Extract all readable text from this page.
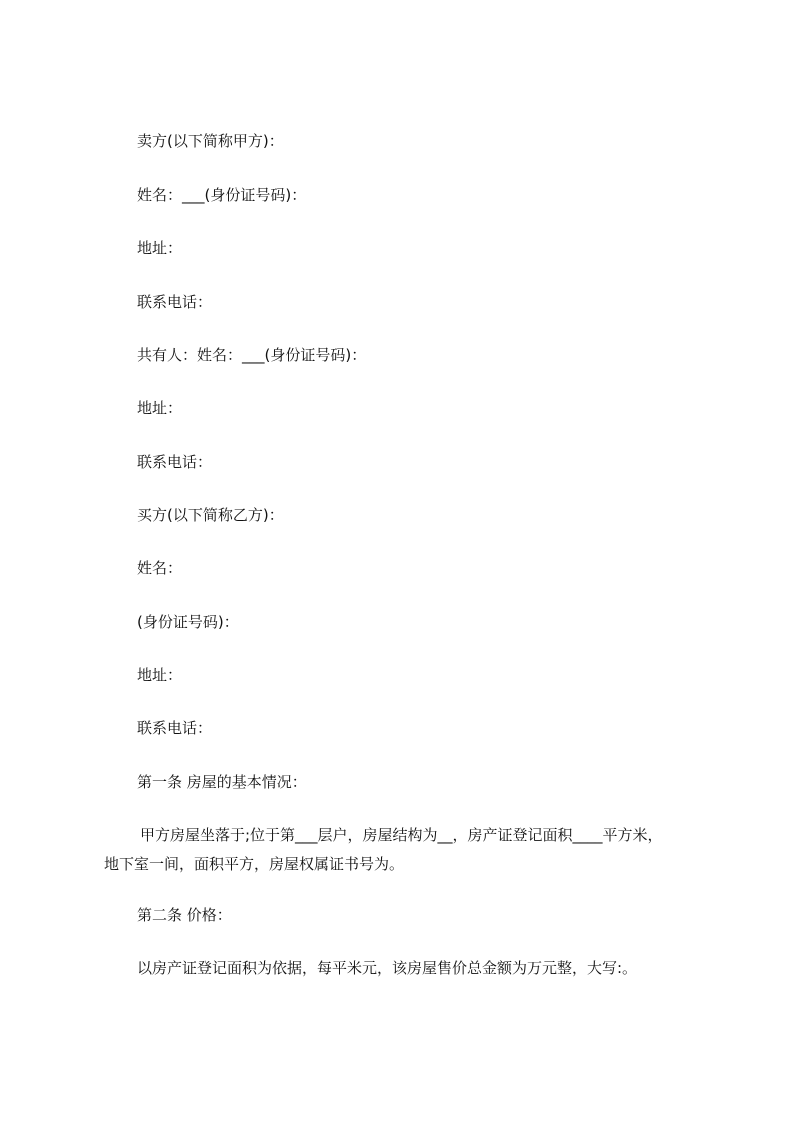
卖方(以下简称甲方)：
姓名：___(身份证号码)：
地址：
联系电话：
共有人：姓名：___(身份证号码)：
地址：
联系电话：
买方(以下简称乙方)：
姓名：
(身份证号码)：
地址：
联系电话：
第一条 房屋的基本情况：
甲方房屋坐落于;位于第___层户，房屋结构为__，房产证登记面积____平方米，
地下室一间，面积平方，房屋权属证书号为。
第二条 价格：
以房产证登记面积为依据，每平米元，该房屋售价总金额为万元整，大写:。
